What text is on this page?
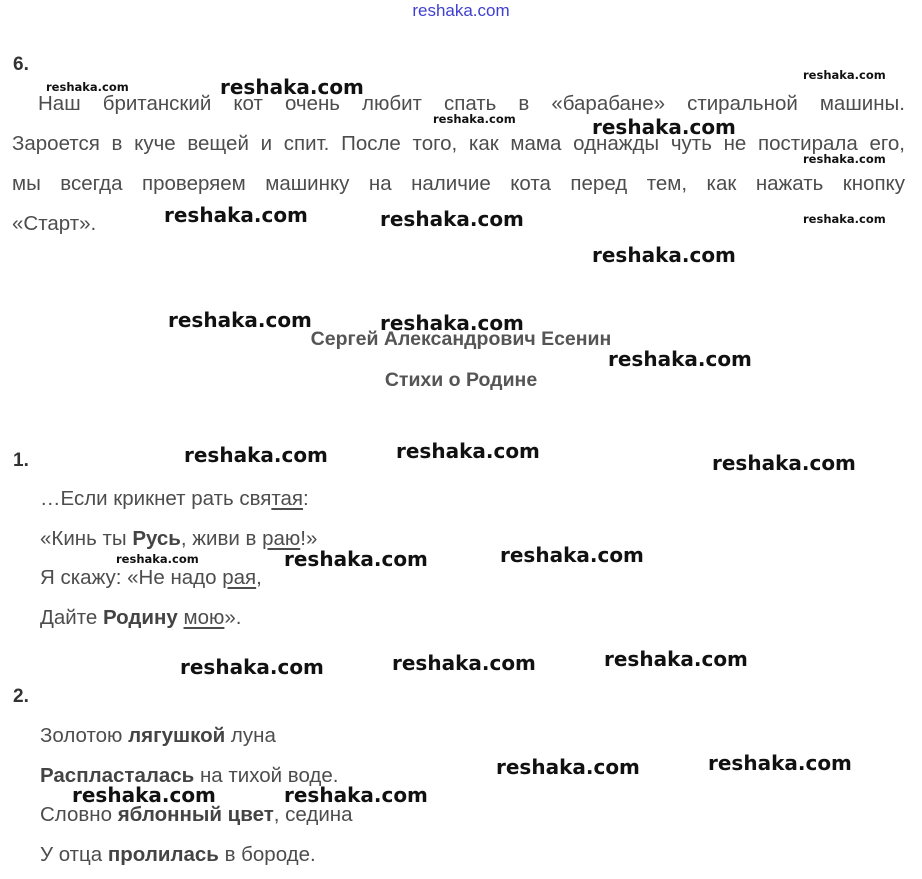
reshaka.com
6.
Наш британский кот очень любит спать в «барабане» стиральной машины.
Зароется в куче вещей и спит. После того, как мама однажды чуть не постирала его,
мы всегда проверяем машинку на наличие кота перед тем, как нажать кнопку
«Старт».
Сергей Александрович Есенин
Стихи о Родине
1.
…Если крикнет рать святая:
«Кинь ты Русь, живи в раю!»
Я скажу: «Не надо рая,
Дайте Родину мою».
2.
Золотою лягушкой луна
Распласталась на тихой воде.
Словно яблонный цвет, седина
У отца пролилась в бороде.
reshaka.com
reshaka.com
reshaka.com
reshaka.com
reshaka.com
reshaka.com
reshaka.com	reshaka.com	reshaka.com
reshaka.com
reshaka.com	reshaka.com
reshaka.com
reshaka.com	reshaka.com	reshaka.com
reshaka.com	reshaka.com	reshaka.com
reshaka.com	reshaka.com	reshaka.com
reshaka.com	reshaka.com
reshaka.com	reshaka.com
